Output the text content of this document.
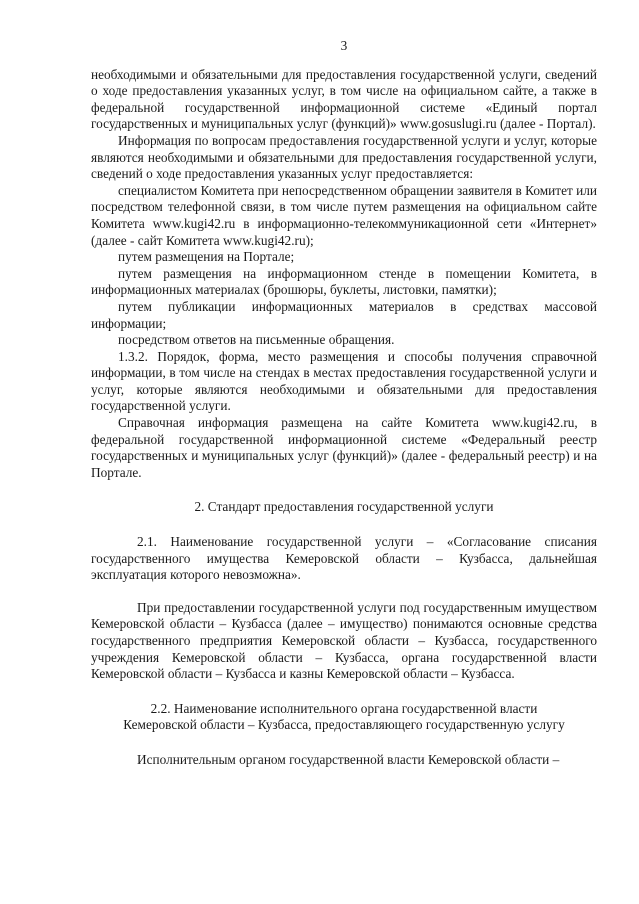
3

необходимыми и обязательными для предоставления государственной услуги, сведений о ходе предоставления указанных услуг, в том числе на официальном сайте, а также в федеральной государственной информационной системе «Единый портал государственных и муниципальных услуг (функций)» www.gosuslugi.ru (далее - Портал).

Информация по вопросам предоставления государственной услуги и услуг, которые являются необходимыми и обязательными для предоставления государственной услуги, сведений о ходе предоставления указанных услуг предоставляется:

специалистом Комитета при непосредственном обращении заявителя в Комитет или посредством телефонной связи, в том числе путем размещения на официальном сайте Комитета www.kugi42.ru в информационно-телекоммуникационной сети «Интернет» (далее - сайт Комитета www.kugi42.ru);

путем размещения на Портале;

путем размещения на информационном стенде в помещении Комитета, в информационных материалах (брошюры, буклеты, листовки, памятки);

путем публикации информационных материалов в средствах массовой информации;

посредством ответов на письменные обращения.

1.3.2. Порядок, форма, место размещения и способы получения справочной информации, в том числе на стендах в местах предоставления государственной услуги и услуг, которые являются необходимыми и обязательными для предоставления государственной услуги.

Справочная информация размещена на сайте Комитета www.kugi42.ru, в федеральной государственной информационной системе «Федеральный реестр государственных и муниципальных услуг (функций)» (далее - федеральный реестр) и на Портале.

2. Стандарт предоставления государственной услуги

2.1. Наименование государственной услуги – «Согласование списания государственного имущества Кемеровской области – Кузбасса, дальнейшая эксплуатация которого невозможна».

При предоставлении государственной услуги под государственным имуществом Кемеровской области – Кузбасса (далее – имущество) понимаются основные средства государственного предприятия Кемеровской области – Кузбасса, государственного учреждения Кемеровской области – Кузбасса, органа государственной власти Кемеровской области – Кузбасса и казны Кемеровской области – Кузбасса.

2.2. Наименование исполнительного органа государственной власти

Кемеровской области – Кузбасса, предоставляющего государственную услугу

Исполнительным органом государственной власти Кемеровской области –
